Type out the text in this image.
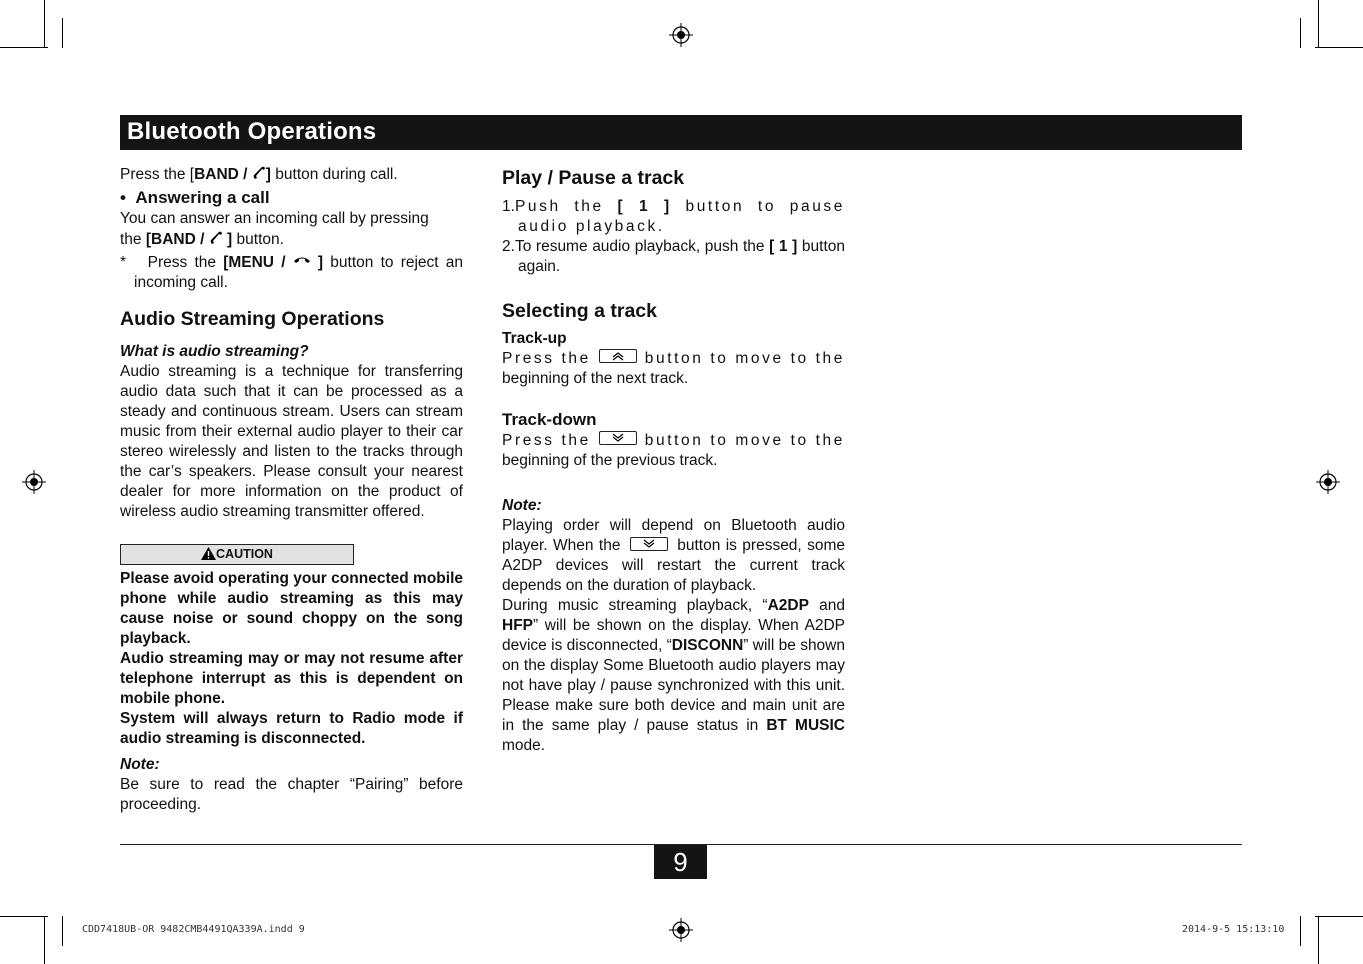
Bluetooth Operations

Press the [BAND / ] button during call.

•  Answering a call

You can answer an incoming call by pressing

the [BAND / ] button.

* Press the [MENU / ] button to reject an incoming call.

Audio Streaming Operations

What is audio streaming?

Audio streaming is a technique for transferring audio data such that it can be processed as a steady and continuous stream. Users can stream music from their external audio player to their car stereo wirelessly and listen to the tracks through the car’s speakers. Please consult your nearest dealer for more information on the product of wireless audio streaming transmitter offered.

CAUTION

Please avoid operating your connected mobile phone while audio streaming as this may cause noise or sound choppy on the song playback.

Audio streaming may or may not resume after telephone interrupt as this is dependent on mobile phone.

System will always return to Radio mode if audio streaming is disconnected.

Note:

Be sure to read the chapter “Pairing” before proceeding.

Play / Pause a track

1.Push the [ 1 ] button to pause audio playback.

2.To resume audio playback, push the [ 1 ] button again.

Selecting a track

Track-up

Press the	button to move to the

beginning of the next track.

Track-down

Press the	button to move to the

beginning of the previous track.

Note:

Playing order will depend on Bluetooth audio player. When the	button is pressed, some A2DP devices will restart the current track depends on the duration of playback.

During music streaming playback, “A2DP and HFP” will be shown on the display. When A2DP device is disconnected, “DISCONN” will be shown on the display Some Bluetooth audio players may not have play / pause synchronized with this unit. Please make sure both device and main unit are in the same play / pause status in BT MUSIC mode.

9
CDD7418UB-OR 9482CMB4491QA339A.indd 9	2014-9-5 15:13:10
